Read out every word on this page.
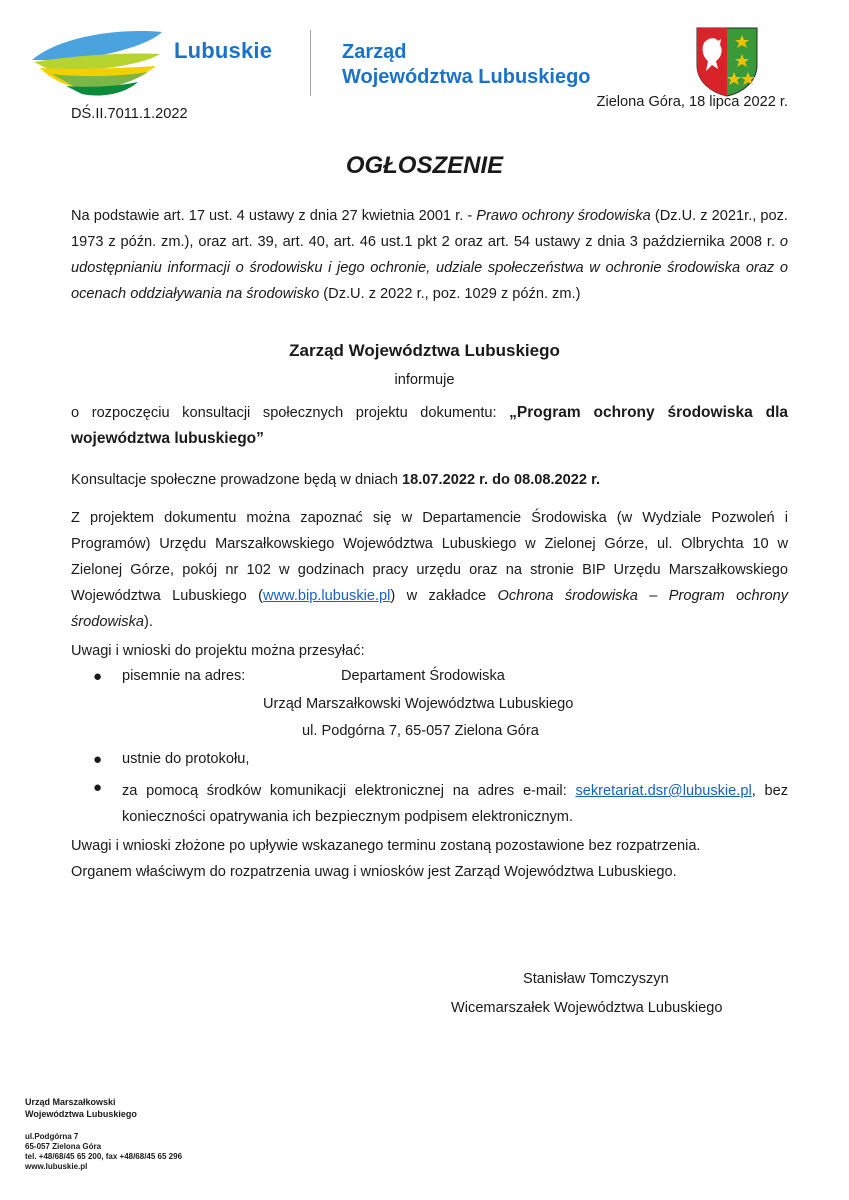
Lubuskie	Zarząd
Województwa Lubuskiego
DŚ.II.7011.1.2022
Zielona Góra, 18 lipca 2022 r.
OGŁOSZENIE
Na podstawie art. 17 ust. 4 ustawy z dnia 27 kwietnia 2001 r. - Prawo ochrony środowiska (Dz.U. z 2021r., poz. 1973 z późn. zm.), oraz art. 39, art. 40, art. 46 ust.1 pkt 2 oraz art. 54 ustawy z dnia 3 października 2008 r. o udostępnianiu informacji o środowisku i jego ochronie, udziale społeczeństwa w ochronie środowiska oraz o ocenach oddziaływania na środowisko (Dz.U. z 2022 r., poz. 1029 z późn. zm.)
Zarząd Województwa Lubuskiego
informuje
o rozpoczęciu konsultacji społecznych projektu dokumentu: „Program ochrony środowiska dla województwa lubuskiego”
Konsultacje społeczne prowadzone będą w dniach 18.07.2022 r. do 08.08.2022 r.
Z projektem dokumentu można zapoznać się w Departamencie Środowiska (w Wydziale Pozwoleń i Programów) Urzędu Marszałkowskiego Województwa Lubuskiego w Zielonej Górze, ul. Olbrychta 10 w Zielonej Górze, pokój nr 102 w godzinach pracy urzędu oraz na stronie BIP Urzędu Marszałkowskiego Województwa Lubuskiego (www.bip.lubuskie.pl) w zakładce Ochrona środowiska – Program ochrony środowiska).
Uwagi i wnioski do projektu można przesyłać:
● pisemnie na adres:	Departament Środowiska
Urząd Marszałkowski Województwa Lubuskiego
ul. Podgórna 7, 65-057 Zielona Góra
● ustnie do protokołu,
● za pomocą środków komunikacji elektronicznej na adres e-mail: sekretariat.dsr@lubuskie.pl, bez konieczności opatrywania ich bezpiecznym podpisem elektronicznym.
Uwagi i wnioski złożone po upływie wskazanego terminu zostaną pozostawione bez rozpatrzenia.
Organem właściwym do rozpatrzenia uwag i wniosków jest Zarząd Województwa Lubuskiego.
Stanisław Tomczyszyn
Wicemarszałek Województwa Lubuskiego
Urząd Marszałkowski
Województwa Lubuskiego
ul.Podgórna 7
65-057 Zielona Góra
tel. +48/68/45 65 200, fax +48/68/45 65 296
www.lubuskie.pl
